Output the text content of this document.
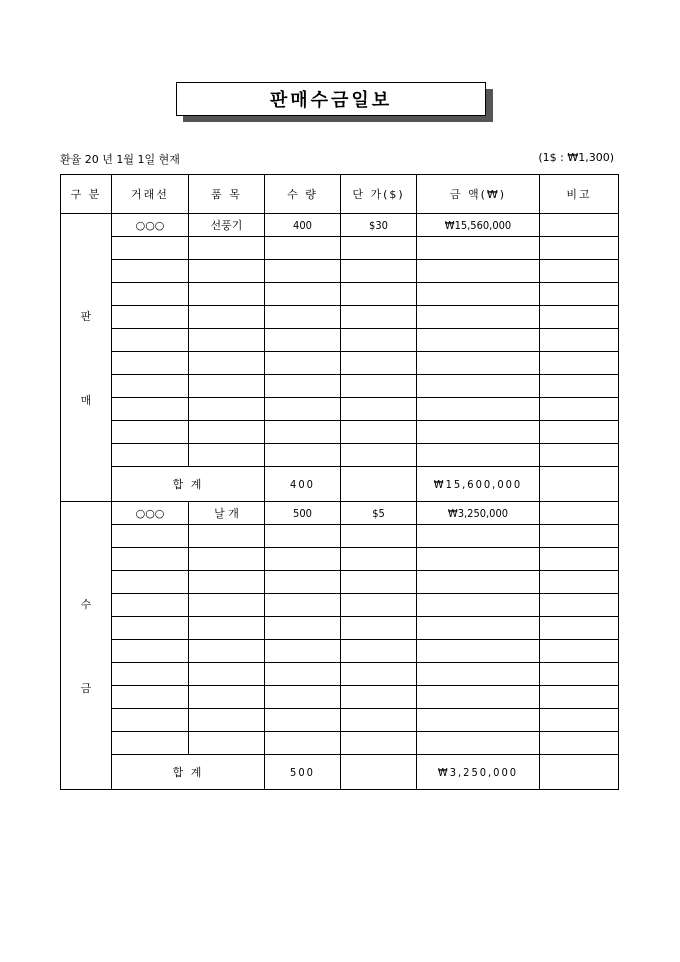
판매수금일보
환율 20 년 1월 1일 현재	(1$ : ₩1,300)
구 분	거래선	품 목	수 량	단 가($)	금 액(₩)	비고

판
매	○○○	선풍기	400	$30	₩15,560,000	

	합 계		400		₩15,600,000	

수
금	○○○	날 개	500	$5	₩3,250,000	

	합 계		500		₩3,250,000	
